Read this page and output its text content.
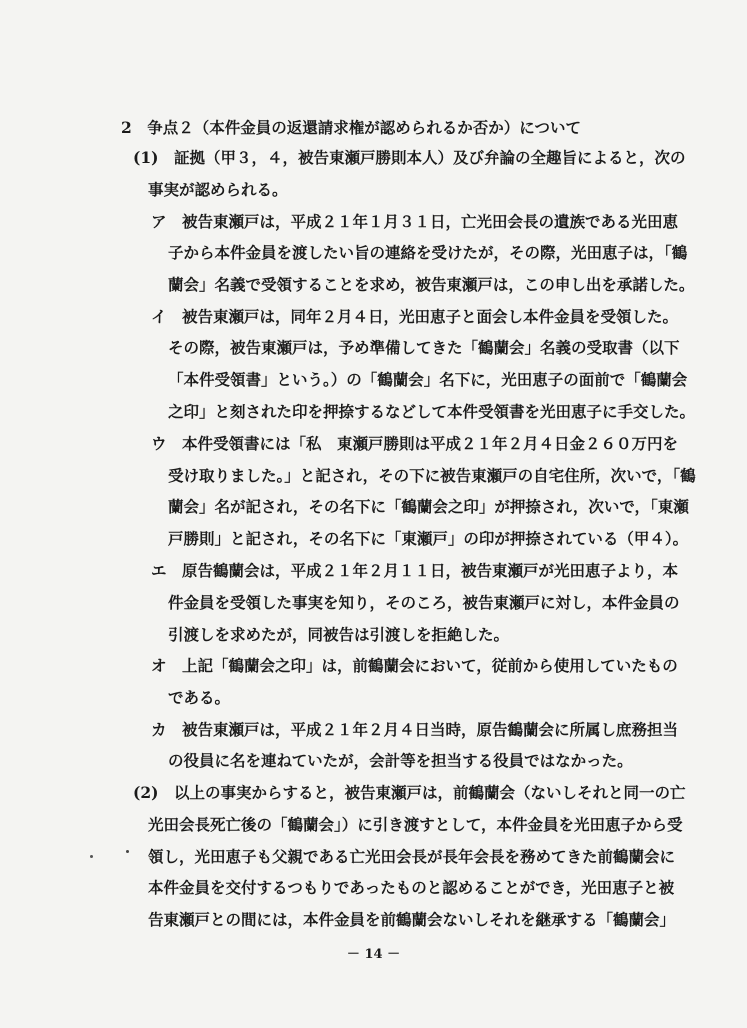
2　争点２（本件金員の返還請求権が認められるか否か）について
(1)　証拠（甲３，４，被告東瀬戸勝則本人）及び弁論の全趣旨によると，次の
事実が認められる。
ア　被告東瀬戸は，平成２１年１月３１日，亡光田会長の遺族である光田恵
子から本件金員を渡したい旨の連絡を受けたが，その際，光田恵子は，「鶴
蘭会」名義で受領することを求め，被告東瀬戸は，この申し出を承諾した。
イ　被告東瀬戸は，同年２月４日，光田恵子と面会し本件金員を受領した。
その際，被告東瀬戸は，予め準備してきた「鶴蘭会」名義の受取書（以下
「本件受領書」という。）の「鶴蘭会」名下に，光田恵子の面前で「鶴蘭会
之印」と刻された印を押捺するなどして本件受領書を光田恵子に手交した。
ウ　本件受領書には「私　東瀬戸勝則は平成２１年２月４日金２６０万円を
受け取りました。」と記され，その下に被告東瀬戸の自宅住所，次いで，「鶴
蘭会」名が記され，その名下に「鶴蘭会之印」が押捺され，次いで，「東瀬
戸勝則」と記され，その名下に「東瀬戸」の印が押捺されている（甲４）。
エ　原告鶴蘭会は，平成２１年２月１１日，被告東瀬戸が光田恵子より，本
件金員を受領した事実を知り，そのころ，被告東瀬戸に対し，本件金員の
引渡しを求めたが，同被告は引渡しを拒絶した。
オ　上記「鶴蘭会之印」は，前鶴蘭会において，従前から使用していたもの
である。
カ　被告東瀬戸は，平成２１年２月４日当時，原告鶴蘭会に所属し庶務担当
の役員に名を連ねていたが，会計等を担当する役員ではなかった。
(2)　以上の事実からすると，被告東瀬戸は，前鶴蘭会（ないしそれと同一の亡
光田会長死亡後の「鶴蘭会」）に引き渡すとして，本件金員を光田恵子から受
領し，光田恵子も父親である亡光田会長が長年会長を務めてきた前鶴蘭会に
本件金員を交付するつもりであったものと認めることができ，光田恵子と被
告東瀬戸との間には，本件金員を前鶴蘭会ないしそれを継承する「鶴蘭会」
－ 14 －
